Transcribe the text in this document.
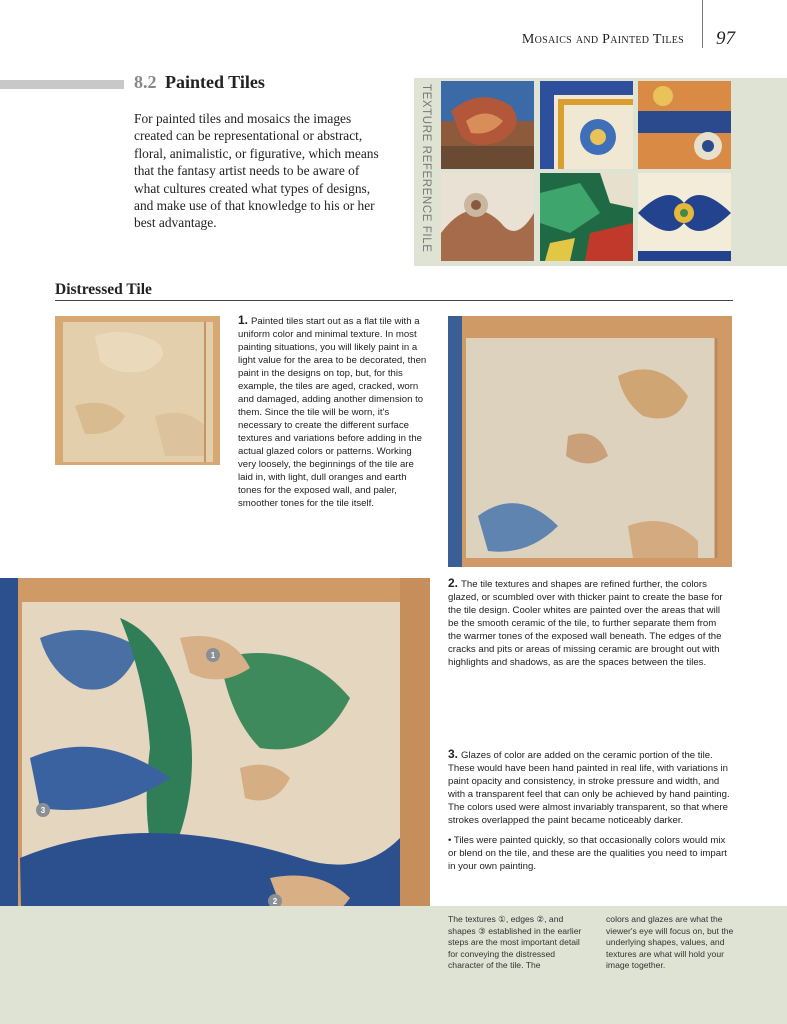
Mosaics and Painted Tiles 97
8.2 Painted Tiles
For painted tiles and mosaics the images created can be representational or abstract, floral, animalistic, or figurative, which means that the fantasy artist needs to be aware of what cultures created what types of designs, and make use of that knowledge to his or her best advantage.	TEXTURE REFERENCE FILE
Distressed Tile
1. Painted tiles start out as a flat tile with a uniform color and minimal texture. In most painting situations, you will likely paint in a light value for the area to be decorated, then paint in the designs on top, but, for this example, the tiles are aged, cracked, worn and damaged, adding another dimension to them. Since the tile will be worn, it's necessary to create the different surface textures and variations before adding in the actual glazed colors or patterns. Working very loosely, the beginnings of the tile are laid in, with light, dull oranges and earth tones for the exposed wall, and paler, smoother tones for the tile itself.
2. The tile textures and shapes are refined further, the colors glazed, or scumbled over with thicker paint to create the base for the tile design. Cooler whites are painted over the areas that will be the smooth ceramic of the tile, to further separate them from the warmer tones of the exposed wall beneath. The edges of the cracks and pits or areas of missing ceramic are brought out with highlights and shadows, as are the spaces between the tiles.
1
2
3
3. Glazes of color are added on the ceramic portion of the tile. These would have been hand painted in real life, with variations in paint opacity and consistency, in stroke pressure and width, and with a transparent feel that can only be achieved by hand painting. The colors used were almost invariably transparent, so that where strokes overlapped the paint became noticeably darker.
• Tiles were painted quickly, so that occasionally colors would mix or blend on the tile, and these are the qualities you need to impart in your own painting.
The textures ①, edges ②, and shapes ③ established in the earlier steps are the most important detail for conveying the distressed character of the tile. The
colors and glazes are what the viewer's eye will focus on, but the underlying shapes, values, and textures are what will hold your image together.
